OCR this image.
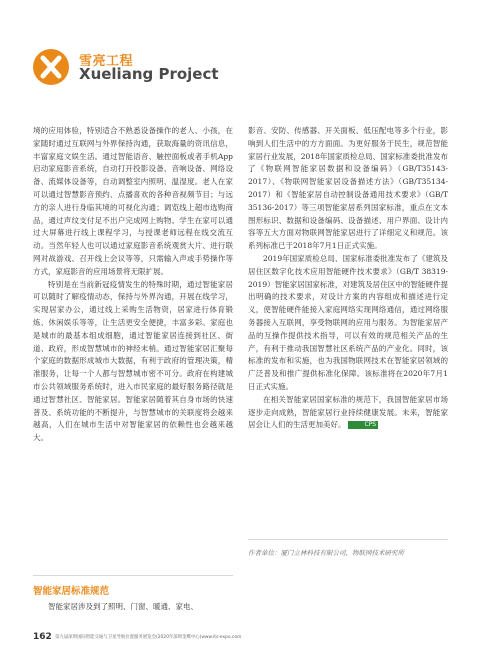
雪亮工程
Xueliang Project

境的应用体验，特别适合不熟悉设备操作的老人、小孩，在家随时通过互联网与外界保持沟通，获取海量的资讯信息，丰富家庭文娱生活。通过智能语音、触控面板或者手机App启动家庭影音系统，自动打开投影设备、音响设备、网络设备、流媒体设备等，自动调整室内照明、温湿度。老人在家可以通过智慧影音预约、点播喜欢的各种音视频节目；与远方的亲人进行身临其境的可视化沟通；调览线上超市选购商品，通过声纹支付足不出户完成网上购物。学生在家可以通过大屏幕进行线上课程学习，与授课老师远程在线交流互动。当然年轻人也可以通过家庭影音系统观赏大片、进行联网对战游戏、召开线上会议等等，只需输入声或手势操作等方式，家庭影音的应用场景将无限扩展。

特别是在当前新冠疫情发生的特殊时期，通过智能家居可以随时了解疫情动态，保持与外界沟通，开展在线学习，实现居家办公，通过线上采购生活物资，居家进行体育锻炼、休闲娱乐等等，让生活更安全便捷，丰富多彩。家庭也是城市的最基本组成细胞，通过智能家居连接到社区、街道、政府，形成智慧城市的神经末梢。通过智能家居汇聚每个家庭的数据形成城市大数据，有利于政府的管理决策，精准服务，让每一个人都与智慧城市密不可分。政府在构建城市公共领域服务系统时，进入市民家庭的最好服务路径就是通过智慧社区、智能家居。智能家居随着其自身市场的快速普及、系统功能的不断提升，与智慧城市的关联度将会越来越高，人们在城市生活中对智能家居的依赖性也会越来越大。

智能家居标准规范
智能家居涉及到了照明、门窗、暖通、家电、

影音、安防、传感器、开关面板、低压配电等多个行业，影响到人们生活中的方方面面。为更好服务于民生，规范智能家居行业发展，2018年国家质检总局、国家标准委批准发布了《物联网智能家居数据和设备编码》（GB/T35143-2017）、《物联网智能家居设备描述方法》（GB/T35134-2017）和《智能家居自动控制设备通用技术要求》（GB/T 35136-2017）等三项智能家居系列国家标准，重点在文本图形标识、数据和设备编码、设备描述、用户界面、设计内容等五大方面对物联网智能家居进行了详细定义和规范。该系列标准已于2018年7月1日正式实施。

2019年国家质检总局、国家标准委批准发布了《建筑及居住区数字化技术应用智能硬件技术要求》（GB/T 38319-2019）智能家居国家标准，对建筑及居住区中的智能硬件提出明确的技术要求，对设计方案的内容组成和描述进行定义，使智能硬件能接入家庭网络实现网络通信，通过网络服务器接入互联网，享受物联网的应用与服务。为智能家居产品的互操作提供技术指导，可以有效的规范相关产品的生产，有利于推动我国智慧社区系统产品的产业化。同时，该标准的发布和实施，也为我国物联网技术在智能家居领域的广泛普及和推广提供标准化保障。该标准将在2020年7月1日正式实施。

在相关智能家居国家标准的规范下，我国智能家居市场逐步走向成熟，智能家居行业持续健康发展。未来，智能家居会让人们的生活更加美好。	CPS

作者单位：厦门立林科技有限公司，物联网技术研究所
162 第九届深圳国际智能交通与卫星导航位置服务展览会(2020年深圳金鹰中心)www.its-expo.com
